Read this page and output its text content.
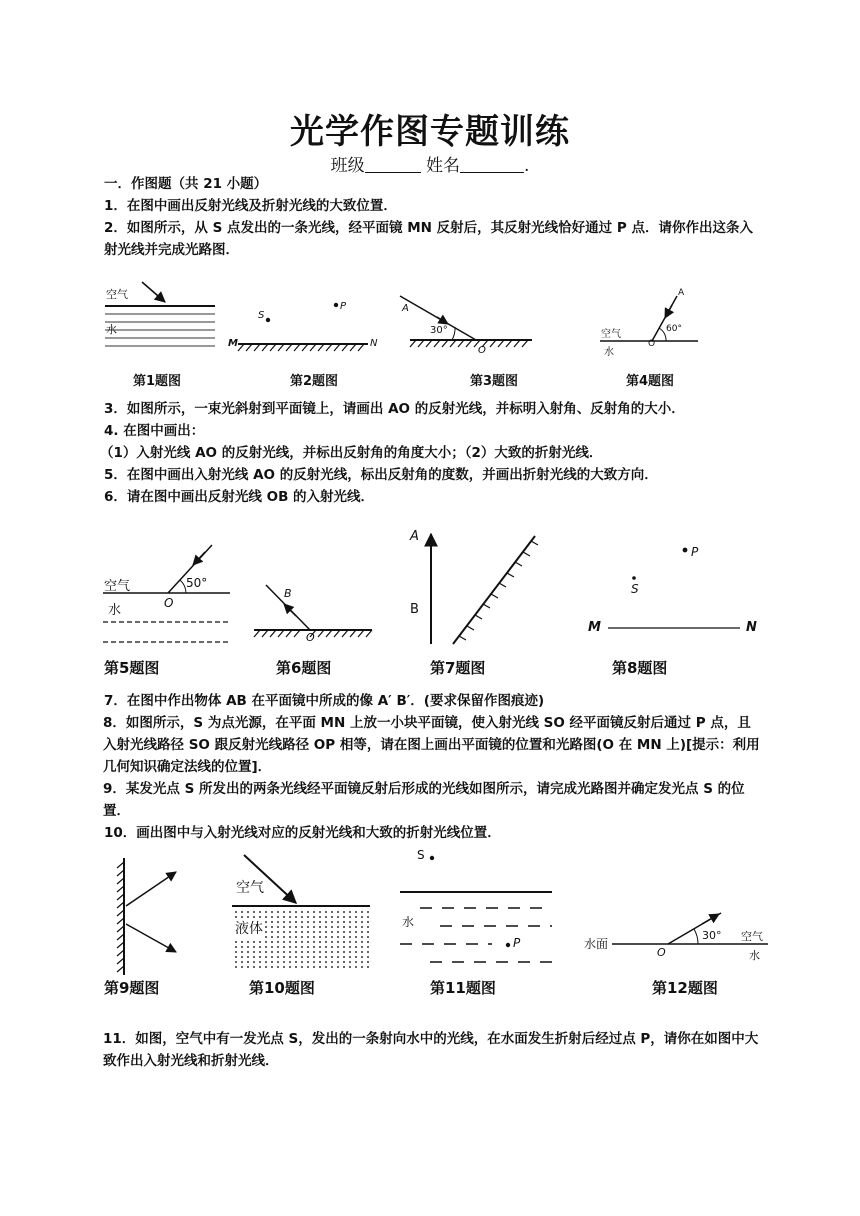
光学作图专题训练
班级	姓名	.
一．作图题（共 21 小题）
1．在图中画出反射光线及折射光线的大致位置．
2．如图所示，从 S 点发出的一条光线，经平面镜 MN 反射后，其反射光线恰好通过 P 点．请你作出这条入射光线并完成光路图．
空气
水
S
P
M	N
A
30°
O
A
60°
空气
水
O
第1题图	第2题图	第3题图	第4题图
3．如图所示，一束光斜射到平面镜上，请画出 AO 的反射光线，并标明入射角、反射角的大小．
4. 在图中画出：
（1）入射光线 AO 的反射光线，并标出反射角的角度大小；（2）大致的折射光线．
5．在图中画出入射光线 AO 的反射光线，标出反射角的度数，并画出折射光线的大致方向．
6．请在图中画出反射光线 OB 的入射光线．
空气
水
50°
O
B
O
A
B
P
S
M	N
第5题图	第6题图	第7题图	第8题图
7．在图中作出物体 AB 在平面镜中所成的像 A′ B′．(要求保留作图痕迹)
8．如图所示，S 为点光源，在平面 MN 上放一小块平面镜，使入射光线 SO 经平面镜反射后通过 P 点，且入射光线路径 SO 跟反射光线路径 OP 相等，请在图上画出平面镜的位置和光路图(O 在 MN 上)[提示：利用几何知识确定法线的位置]．
9．某发光点 S 所发出的两条光线经平面镜反射后形成的光线如图所示，请完成光路图并确定发光点 S 的位置．
10．画出图中与入射光线对应的反射光线和大致的折射光线位置．
空气
液体
S
水
P	水面
O
30° 空气
水
第9题图	第10题图	第11题图	第12题图
11．如图，空气中有一发光点 S，发出的一条射向水中的光线，在水面发生折射后经过点 P，请你在如图中大致作出入射光线和折射光线．
